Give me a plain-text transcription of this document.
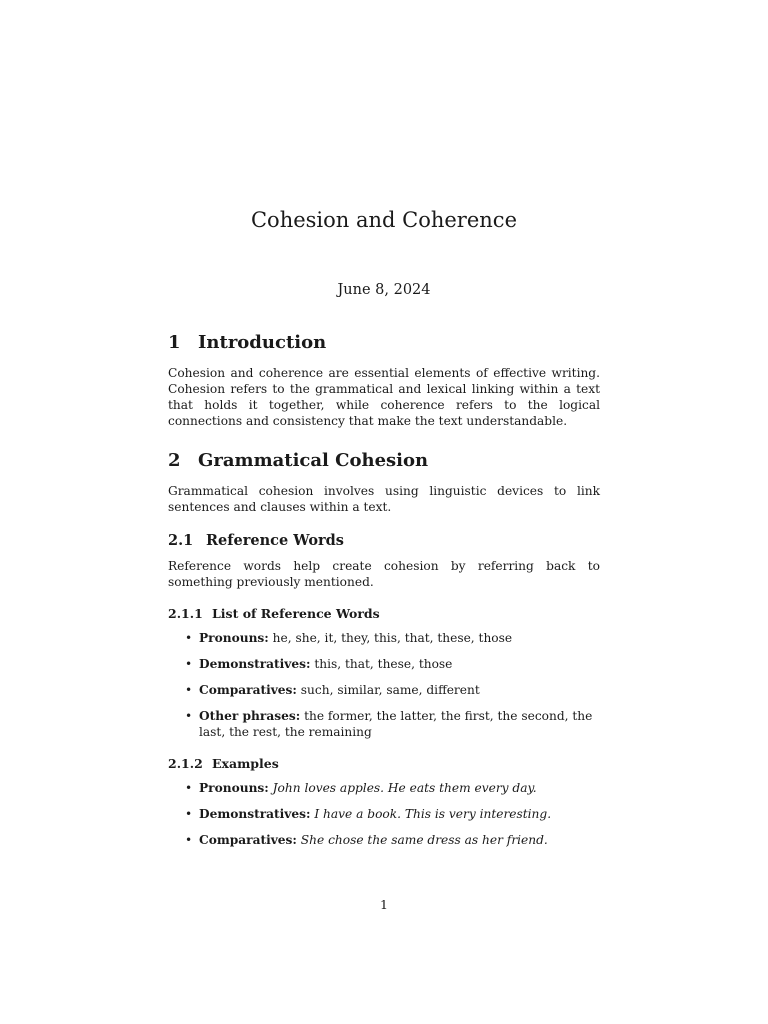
Cohesion and Coherence
June 8, 2024
1 Introduction
Cohesion and coherence are essential elements of effective writing. Cohesion refers to the grammatical and lexical linking within a text that holds it together, while coherence refers to the logical connections and consistency that make the text understandable.
2 Grammatical Cohesion
Grammatical cohesion involves using linguistic devices to link sentences and clauses within a text.
2.1 Reference Words
Reference words help create cohesion by referring back to something previously mentioned.
2.1.1 List of Reference Words
• Pronouns: he, she, it, they, this, that, these, those
• Demonstratives: this, that, these, those
• Comparatives: such, similar, same, different
• Other phrases: the former, the latter, the first, the second, the last, the rest, the remaining
2.1.2 Examples
• Pronouns: John loves apples. He eats them every day.
• Demonstratives: I have a book. This is very interesting.
• Comparatives: She chose the same dress as her friend.
1
